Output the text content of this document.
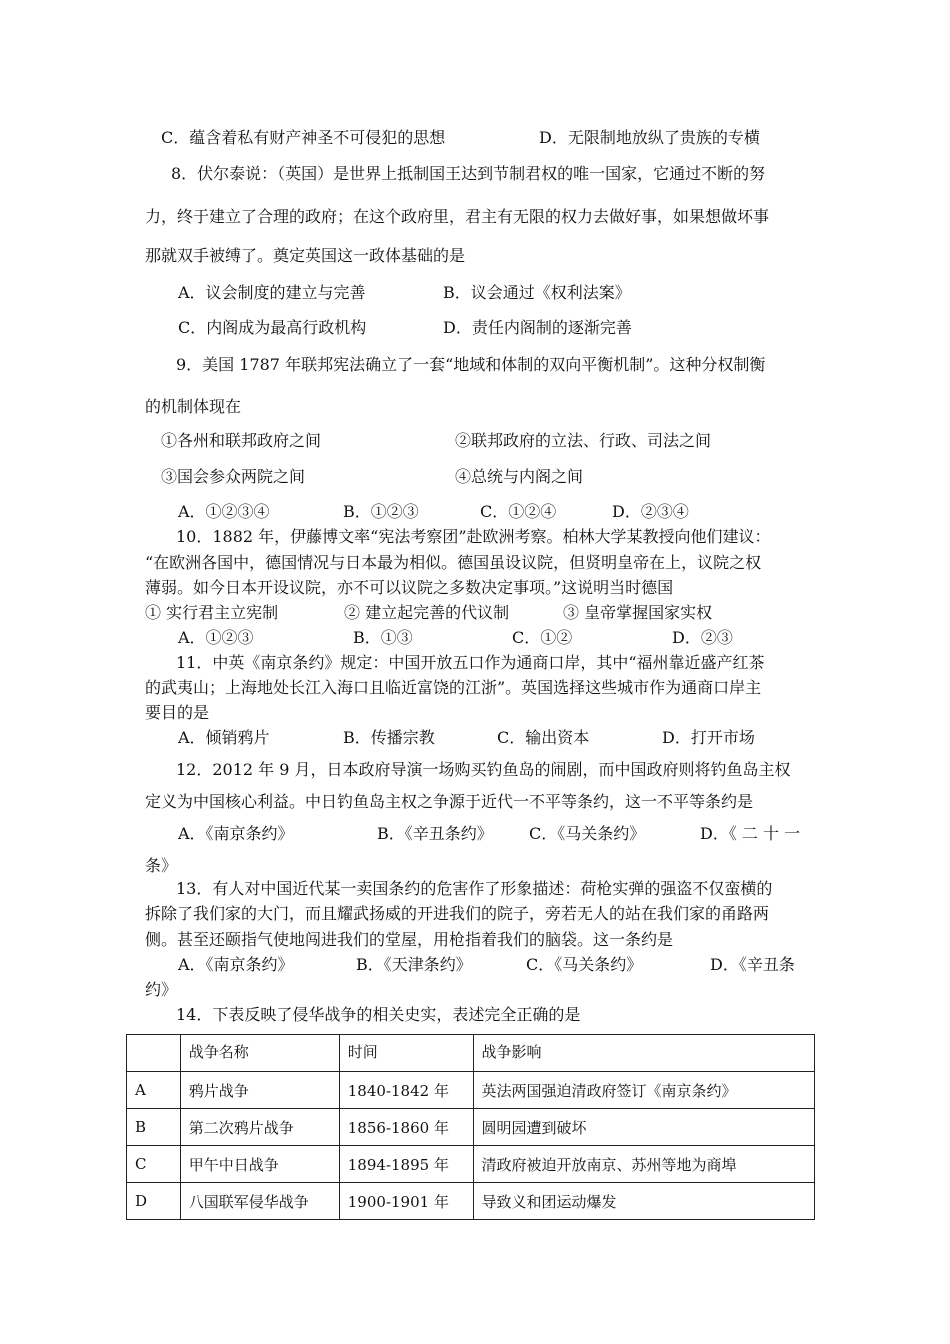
C．蕴含着私有财产神圣不可侵犯的思想	D．无限制地放纵了贵族的专横
8．伏尔泰说：（英国）是世界上抵制国王达到节制君权的唯一国家，它通过不断的努
力，终于建立了合理的政府；在这个政府里，君主有无限的权力去做好事，如果想做坏事
那就双手被缚了。奠定英国这一政体基础的是
A．议会制度的建立与完善	B．议会通过《权利法案》
C．内阁成为最高行政机构	D．责任内阁制的逐渐完善
9．美国 1787 年联邦宪法确立了一套“地域和体制的双向平衡机制”。这种分权制衡
的机制体现在
①各州和联邦政府之间	②联邦政府的立法、行政、司法之间
③国会参众两院之间	④总统与内阁之间
A．①②③④	B．①②③	C．①②④	D．②③④
10．1882 年，伊藤博文率“宪法考察团”赴欧洲考察。柏林大学某教授向他们建议：
“在欧洲各国中，德国情况与日本最为相似。德国虽设议院，但贤明皇帝在上，议院之权
薄弱。如今日本开设议院，亦不可以议院之多数决定事项。”这说明当时德国
① 实行君主立宪制	② 建立起完善的代议制	③ 皇帝掌握国家实权
A．①②③	B．①③	C．①②	D．②③
11．中英《南京条约》规定：中国开放五口作为通商口岸，其中“福州靠近盛产红茶
的武夷山；上海地处长江入海口且临近富饶的江浙”。英国选择这些城市作为通商口岸主
要目的是
A．倾销鸦片	B．传播宗教	C．输出资本	D．打开市场
12．2012 年 9 月，日本政府导演一场购买钓鱼岛的闹剧，而中国政府则将钓鱼岛主权
定义为中国核心利益。中日钓鱼岛主权之争源于近代一不平等条约，这一不平等条约是
A．《南京条约》	B．《辛丑条约》 C．《马关条约》	D．《 二 十 一
条》
13．有人对中国近代某一卖国条约的危害作了形象描述：荷枪实弹的强盗不仅蛮横的
拆除了我们家的大门，而且耀武扬威的开进我们的院子，旁若无人的站在我们家的甬路两
侧。甚至还颐指气使地闯进我们的堂屋，用枪指着我们的脑袋。这一条约是
A．《南京条约》	B．《天津条约》	C．《马关条约》	D．《辛丑条
约》
14．下表反映了侵华战争的相关史实，表述完全正确的是
	战争名称	时间	战争影响
A	鸦片战争	1840-1842 年	英法两国强迫清政府签订《南京条约》
B	第二次鸦片战争	1856-1860 年	圆明园遭到破坏
C	甲午中日战争	1894-1895 年	清政府被迫开放南京、苏州等地为商埠
D	八国联军侵华战争	1900-1901 年	导致义和团运动爆发
